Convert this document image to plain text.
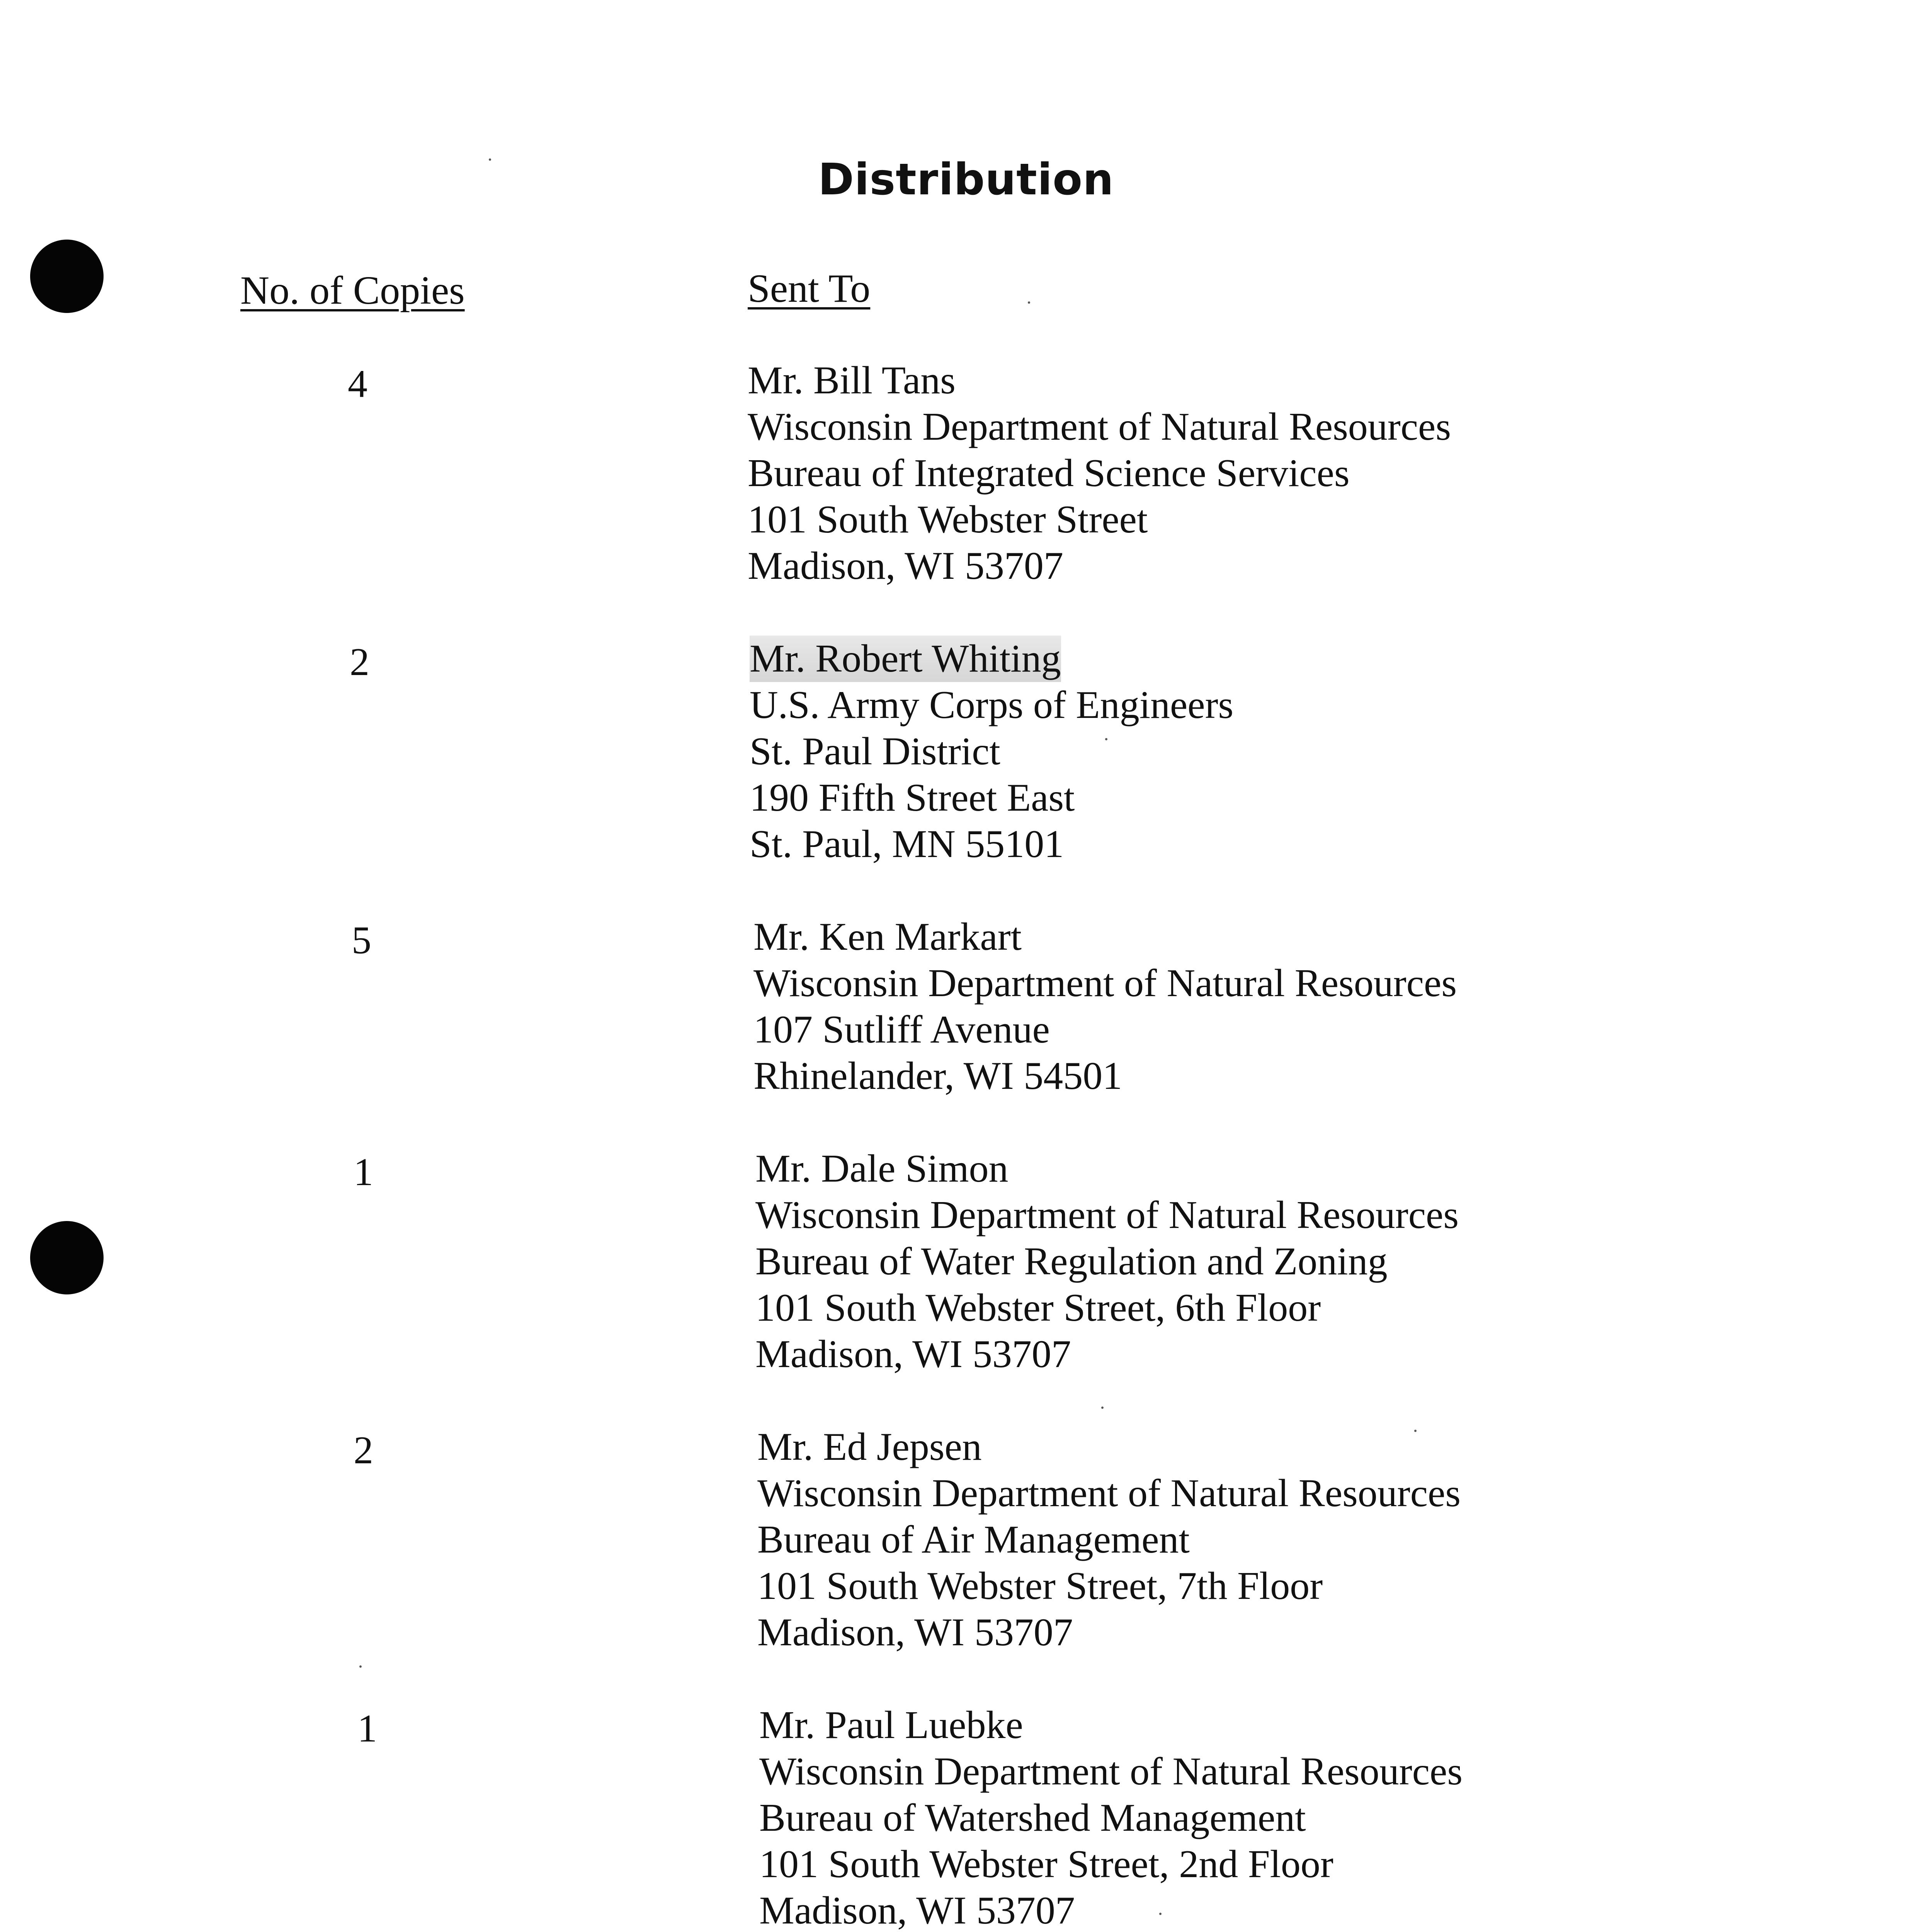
Distribution
No. of Copies	Sent To
4	Mr. Bill Tans
Wisconsin Department of Natural Resources
Bureau of Integrated Science Services
101 South Webster Street
Madison, WI 53707
2	Mr. Robert Whiting
U.S. Army Corps of Engineers
St. Paul District
190 Fifth Street East
St. Paul, MN 55101
5	Mr. Ken Markart
Wisconsin Department of Natural Resources
107 Sutliff Avenue
Rhinelander, WI 54501
1	Mr. Dale Simon
Wisconsin Department of Natural Resources
Bureau of Water Regulation and Zoning
101 South Webster Street, 6th Floor
Madison, WI 53707
2	Mr. Ed Jepsen
Wisconsin Department of Natural Resources
Bureau of Air Management
101 South Webster Street, 7th Floor
Madison, WI 53707
1	Mr. Paul Luebke
Wisconsin Department of Natural Resources
Bureau of Watershed Management
101 South Webster Street, 2nd Floor
Madison, WI 53707
